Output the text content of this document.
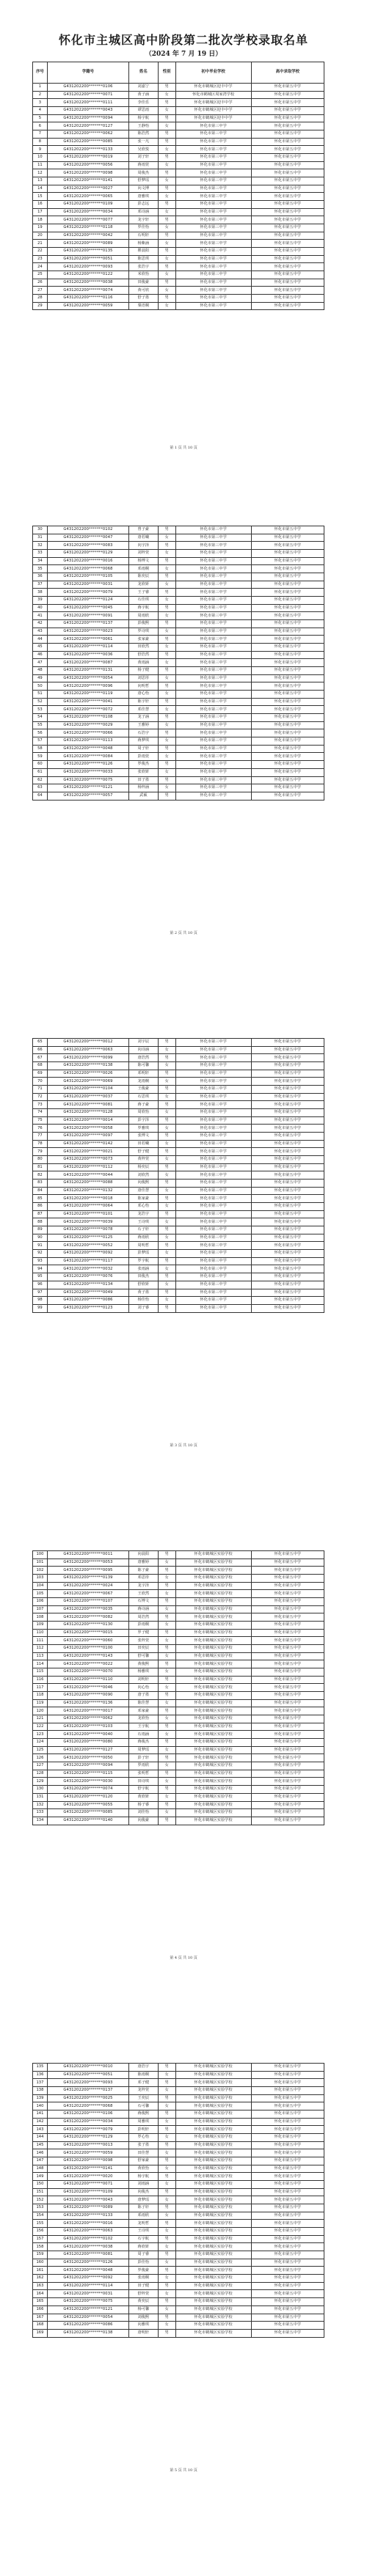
怀化市主城区高中阶段第二批次学校录取名单
（2024 年 7 月 19 日）
序号	学籍号	姓名	性别	初中毕业学校	高中录取学校
1	G431202200*******0106	刘嘉宁	男	怀化市鹤城区迎丰中学	怀化市第五中学
2	G431202200*******0071	黄子涵	女	怀化市鹤城区周家湾学校	怀化市第五中学
3	G431202200*******0111	李佳乐	男	怀化市鹤城区迎丰中学	怀化市第五中学
4	G431202200*******0043	谭思雨	女	怀化市鹤城区迎丰中学	怀化市第五中学
5	G431202200*******0094	杨宇航	男	怀化市鹤城区迎丰中学	怀化市第五中学
6	G431202200*******0127	王静怡	女	怀化市第三中学	怀化市第五中学
7	G431202200*******0062	陈浩然	男	怀化市第三中学	怀化市第五中学
8	G431202200*******0085	张一凡	男	怀化市第三中学	怀化市第五中学
9	G431202200*******0133	吴欣悦	女	怀化市第三中学	怀化市第五中学
10	G431202200*******0019	刘子轩	男	怀化市第三中学	怀化市第五中学
11	G431202200*******0056	蒋雨萱	女	怀化市第三中学	怀化市第五中学
12	G431202200*******0098	周俊杰	男	怀化市第三中学	怀化市第五中学
13	G431202200*******0141	舒梦瑶	女	怀化市第三中学	怀化市第五中学
14	G431202200*******0027	向文博	男	怀化市第三中学	怀化市第五中学
15	G431202200*******0065	唐雅琪	女	怀化市第三中学	怀化市第五中学
16	G431202200*******0109	彭志远	男	怀化市第三中学	怀化市第五中学
17	G431202200*******0034	邓诗涵	女	怀化市第三中学	怀化市第五中学
18	G431202200*******0077	龙宇轩	男	怀化市第三中学	怀化市第五中学
19	G431202200*******0118	罗佳怡	女	怀化市第三中学	怀化市第五中学
20	G431202200*******0042	石明轩	男	怀化市第三中学	怀化市第五中学
21	G431202200*******0089	杨紫涵	女	怀化市第三中学	怀化市第五中学
22	G431202200*******0135	瞿晨阳	男	怀化市第三中学	怀化市第五中学
23	G431202200*******0051	陈思琪	女	怀化市第三中学	怀化市第五中学
24	G431202200*******0093	张浩宇	男	怀化市第三中学	怀化市第五中学
25	G431202200*******0122	米欣怡	女	怀化市第三中学	怀化市第五中学
26	G431202200*******0038	田俊豪	男	怀化市第三中学	怀化市第五中学
27	G431202200*******0074	黄可欣	女	怀化市第三中学	怀化市第五中学
28	G431202200*******0116	舒子墨	男	怀化市第三中学	怀化市第五中学
29	G431202200*******0059	粟语桐	女	怀化市第三中学	怀化市第五中学
第 1 页 共 10 页
30	G431202200*******0102	曾子豪	男	怀化市第三中学	怀化市第五中学
31	G431202200*******0047	唐若曦	女	怀化市第三中学	怀化市第五中学
32	G431202200*******0083	向宇泽	男	怀化市第三中学	怀化市第五中学
33	G431202200*******0129	刘梓萱	女	怀化市第三中学	怀化市第五中学
34	G431202200*******0016	杨博文	男	怀化市第三中学	怀化市第五中学
35	G431202200*******0068	邓雨桐	女	怀化市第三中学	怀化市第五中学
36	G431202200*******0105	陈奕辰	男	怀化市第三中学	怀化市第五中学
37	G431202200*******0031	龙欣妍	女	怀化市第三中学	怀化市第五中学
38	G431202200*******0079	王子睿	男	怀化市第三中学	怀化市第五中学
39	G431202200*******0124	石佳琪	女	怀化市第三中学	怀化市第五中学
40	G431202200*******0045	蒋宇航	男	怀化市第三中学	怀化市第五中学
41	G431202200*******0091	周雨欣	女	怀化市第三中学	怀化市第五中学
42	G431202200*******0137	彭俊熙	男	怀化市第三中学	怀化市第五中学
43	G431202200*******0023	罗诗琪	女	怀化市第三中学	怀化市第五中学
44	G431202200*******0061	张家豪	男	怀化市第三中学	怀化市第五中学
45	G431202200*******0114	田欣然	女	怀化市第三中学	怀化市第五中学
46	G431202200*******0036	舒浩然	男	怀化市第三中学	怀化市第五中学
47	G431202200*******0087	黄雨涵	女	怀化市第三中学	怀化市第五中学
48	G431202200*******0131	杨子健	男	怀化市第三中学	怀化市第五中学
49	G431202200*******0054	刘思彤	女	怀化市第三中学	怀化市第五中学
50	G431202200*******0096	向明哲	男	怀化市第三中学	怀化市第五中学
51	G431202200*******0119	唐心怡	女	怀化市第三中学	怀化市第五中学
52	G431202200*******0041	陈宇轩	男	怀化市第三中学	怀化市第五中学
53	G431202200*******0072	邓佳慧	女	怀化市第三中学	怀化市第五中学
54	G431202200*******0108	龙子涵	男	怀化市第三中学	怀化市第五中学
55	G431202200*******0029	王雅婷	女	怀化市第三中学	怀化市第五中学
56	G431202200*******0066	石浩宇	男	怀化市第三中学	怀化市第五中学
57	G431202200*******0113	蒋梦琪	女	怀化市第三中学	怀化市第五中学
58	G431202200*******0048	周子轩	男	怀化市第三中学	怀化市第五中学
59	G431202200*******0084	彭雨萱	女	怀化市第三中学	怀化市第五中学
60	G431202200*******0126	罗俊杰	男	怀化市第三中学	怀化市第五中学
61	G431202200*******0033	张欣妍	女	怀化市第三中学	怀化市第五中学
62	G431202200*******0075	田子墨	男	怀化市第三中学	怀化市第五中学
63	G431202200*******0121	杨梓涵	女	怀化市第三中学	怀化市第五中学
64	G431202200*******0057	武硕	男	怀化市第三中学	怀化市第五中学
第 2 页 共 10 页
65	G431202200*******0012	刘宇辰	男	怀化市第三中学	怀化市第五中学
66	G431202200*******0063	向诗涵	女	怀化市第三中学	怀化市第五中学
67	G431202200*******0099	唐浩然	男	怀化市第三中学	怀化市第五中学
68	G431202200*******0138	陈可馨	女	怀化市第三中学	怀化市第五中学
69	G431202200*******0026	邓明轩	男	怀化市第三中学	怀化市第五中学
70	G431202200*******0069	龙雨桐	女	怀化市第三中学	怀化市第五中学
71	G431202200*******0104	王俊豪	男	怀化市第三中学	怀化市第五中学
72	G431202200*******0037	石思琪	女	怀化市第三中学	怀化市第五中学
73	G431202200*******0081	蒋子豪	男	怀化市第三中学	怀化市第五中学
74	G431202200*******0128	周欣怡	女	怀化市第三中学	怀化市第五中学
75	G431202200*******0014	彭宇泽	男	怀化市第三中学	怀化市第五中学
76	G431202200*******0058	罗雅琪	女	怀化市第三中学	怀化市第五中学
77	G431202200*******0097	张博文	男	怀化市第三中学	怀化市第五中学
78	G431202200*******0142	田若曦	女	怀化市第三中学	怀化市第五中学
79	G431202200*******0021	舒子健	男	怀化市第三中学	怀化市第五中学
80	G431202200*******0073	黄梓萱	女	怀化市第三中学	怀化市第五中学
81	G431202200*******0112	杨奕辰	男	怀化市第三中学	怀化市第五中学
82	G431202200*******0044	刘欣然	女	怀化市第三中学	怀化市第五中学
83	G431202200*******0088	向俊熙	男	怀化市第三中学	怀化市第五中学
84	G431202200*******0132	唐佳慧	女	怀化市第三中学	怀化市第五中学
85	G431202200*******0018	陈家豪	男	怀化市第三中学	怀化市第五中学
86	G431202200*******0064	邓心怡	女	怀化市第三中学	怀化市第五中学
87	G431202200*******0101	龙浩宇	男	怀化市第三中学	怀化市第五中学
88	G431202200*******0039	王诗琪	女	怀化市第三中学	怀化市第五中学
89	G431202200*******0078	石子轩	男	怀化市第三中学	怀化市第五中学
90	G431202200*******0125	蒋雨欣	女	怀化市第三中学	怀化市第五中学
91	G431202200*******0052	周明哲	男	怀化市第三中学	怀化市第五中学
92	G431202200*******0092	彭梦瑶	女	怀化市第三中学	怀化市第五中学
93	G431202200*******0117	罗宇航	男	怀化市第三中学	怀化市第五中学
94	G431202200*******0032	张雨涵	女	怀化市第三中学	怀化市第五中学
95	G431202200*******0076	田俊杰	男	怀化市第三中学	怀化市第五中学
96	G431202200*******0134	舒欣妍	女	怀化市第三中学	怀化市第五中学
97	G431202200*******0049	黄子墨	男	怀化市第三中学	怀化市第五中学
98	G431202200*******0086	杨佳怡	女	怀化市第三中学	怀化市第五中学
99	G431202200*******0123	刘子睿	男	怀化市第三中学	怀化市第五中学
第 3 页 共 10 页
100	G431202200*******0011	向晨阳	男	怀化市鹤城区实验学校	怀化市第五中学
101	G431202200*******0053	唐雅婷	女	怀化市鹤城区实验学校	怀化市第五中学
102	G431202200*******0095	陈子豪	男	怀化市鹤城区实验学校	怀化市第五中学
103	G431202200*******0139	邓思彤	女	怀化市鹤城区实验学校	怀化市第五中学
104	G431202200*******0024	龙宇泽	男	怀化市鹤城区实验学校	怀化市第五中学
105	G431202200*******0067	王欣然	女	怀化市鹤城区实验学校	怀化市第五中学
106	G431202200*******0107	石博文	男	怀化市鹤城区实验学校	怀化市第五中学
107	G431202200*******0035	蒋诗涵	女	怀化市鹤城区实验学校	怀化市第五中学
108	G431202200*******0082	周浩然	男	怀化市鹤城区实验学校	怀化市第五中学
109	G431202200*******0130	彭雨桐	女	怀化市鹤城区实验学校	怀化市第五中学
110	G431202200*******0015	罗子健	男	怀化市鹤城区实验学校	怀化市第五中学
111	G431202200*******0060	张梓萱	女	怀化市鹤城区实验学校	怀化市第五中学
112	G431202200*******0100	田奕辰	男	怀化市鹤城区实验学校	怀化市第五中学
113	G431202200*******0143	舒可馨	女	怀化市鹤城区实验学校	怀化市第五中学
114	G431202200*******0022	黄俊熙	男	怀化市鹤城区实验学校	怀化市第五中学
115	G431202200*******0070	杨雅琪	女	怀化市鹤城区实验学校	怀化市第五中学
116	G431202200*******0110	刘明轩	男	怀化市鹤城区实验学校	怀化市第五中学
117	G431202200*******0046	向心怡	女	怀化市鹤城区实验学校	怀化市第五中学
118	G431202200*******0090	唐子墨	男	怀化市鹤城区实验学校	怀化市第五中学
119	G431202200*******0136	陈佳慧	女	怀化市鹤城区实验学校	怀化市第五中学
120	G431202200*******0017	邓家豪	男	怀化市鹤城区实验学校	怀化市第五中学
121	G431202200*******0062	龙欣怡	女	怀化市鹤城区实验学校	怀化市第五中学
122	G431202200*******0103	王宇航	男	怀化市鹤城区实验学校	怀化市第五中学
123	G431202200*******0040	石雨涵	女	怀化市鹤城区实验学校	怀化市第五中学
124	G431202200*******0080	蒋俊杰	男	怀化市鹤城区实验学校	怀化市第五中学
125	G431202200*******0127	周梦瑶	女	怀化市鹤城区实验学校	怀化市第五中学
126	G431202200*******0050	彭子轩	男	怀化市鹤城区实验学校	怀化市第五中学
127	G431202200*******0094	罗雨欣	女	怀化市鹤城区实验学校	怀化市第五中学
128	G431202200*******0115	张明哲	男	怀化市鹤城区实验学校	怀化市第五中学
129	G431202200*******0030	田诗琪	女	怀化市鹤城区实验学校	怀化市第五中学
130	G431202200*******0074	舒宇航	男	怀化市鹤城区实验学校	怀化市第五中学
131	G431202200*******0120	黄欣妍	女	怀化市鹤城区实验学校	怀化市第五中学
132	G431202200*******0055	杨子睿	男	怀化市鹤城区实验学校	怀化市第五中学
133	G431202200*******0085	刘佳怡	女	怀化市鹤城区实验学校	怀化市第五中学
134	G431202200*******0140	向俊豪	男	怀化市鹤城区实验学校	怀化市第五中学
第 4 页 共 10 页
135	G431202200*******0010	唐浩宇	男	怀化市鹤城区实验学校	怀化市第五中学
136	G431202200*******0051	陈雨桐	女	怀化市鹤城区实验学校	怀化市第五中学
137	G431202200*******0093	邓子健	男	怀化市鹤城区实验学校	怀化市第五中学
138	G431202200*******0137	龙梓萱	女	怀化市鹤城区实验学校	怀化市第五中学
139	G431202200*******0025	王奕辰	男	怀化市鹤城区实验学校	怀化市第五中学
140	G431202200*******0068	石可馨	女	怀化市鹤城区实验学校	怀化市第五中学
141	G431202200*******0106	蒋俊熙	男	怀化市鹤城区实验学校	怀化市第五中学
142	G431202200*******0034	周雅琪	女	怀化市鹤城区实验学校	怀化市第五中学
143	G431202200*******0079	彭明轩	男	怀化市鹤城区实验学校	怀化市第五中学
144	G431202200*******0129	罗心怡	女	怀化市鹤城区实验学校	怀化市第五中学
145	G431202200*******0013	张子墨	男	怀化市鹤城区实验学校	怀化市第五中学
146	G431202200*******0059	田佳慧	女	怀化市鹤城区实验学校	怀化市第五中学
147	G431202200*******0098	舒家豪	男	怀化市鹤城区实验学校	怀化市第五中学
148	G431202200*******0141	黄欣怡	女	怀化市鹤城区实验学校	怀化市第五中学
149	G431202200*******0020	杨宇航	男	怀化市鹤城区实验学校	怀化市第五中学
150	G431202200*******0071	刘雨涵	女	怀化市鹤城区实验学校	怀化市第五中学
151	G431202200*******0109	向俊杰	男	怀化市鹤城区实验学校	怀化市第五中学
152	G431202200*******0043	唐梦瑶	女	怀化市鹤城区实验学校	怀化市第五中学
153	G431202200*******0089	陈子轩	男	怀化市鹤城区实验学校	怀化市第五中学
154	G431202200*******0133	邓雨欣	女	怀化市鹤城区实验学校	怀化市第五中学
155	G431202200*******0016	龙明哲	男	怀化市鹤城区实验学校	怀化市第五中学
156	G431202200*******0063	王诗琪	女	怀化市鹤城区实验学校	怀化市第五中学
157	G431202200*******0102	石宇航	男	怀化市鹤城区实验学校	怀化市第五中学
158	G431202200*******0038	蒋欣妍	女	怀化市鹤城区实验学校	怀化市第五中学
159	G431202200*******0081	周子睿	男	怀化市鹤城区实验学校	怀化市第五中学
160	G431202200*******0126	彭佳怡	女	怀化市鹤城区实验学校	怀化市第五中学
161	G431202200*******0048	罗俊豪	男	怀化市鹤城区实验学校	怀化市第五中学
162	G431202200*******0092	张雨桐	女	怀化市鹤城区实验学校	怀化市第五中学
163	G431202200*******0114	田子健	男	怀化市鹤城区实验学校	怀化市第五中学
164	G431202200*******0031	舒梓萱	女	怀化市鹤城区实验学校	怀化市第五中学
165	G431202200*******0075	黄奕辰	男	怀化市鹤城区实验学校	怀化市第五中学
166	G431202200*******0121	杨可馨	女	怀化市鹤城区实验学校	怀化市第五中学
167	G431202200*******0054	刘俊熙	男	怀化市鹤城区实验学校	怀化市第五中学
168	G431202200*******0086	向雅琪	女	怀化市鹤城区实验学校	怀化市第五中学
169	G431202200*******0138	唐明轩	男	怀化市鹤城区实验学校	怀化市第五中学
第 5 页 共 10 页
